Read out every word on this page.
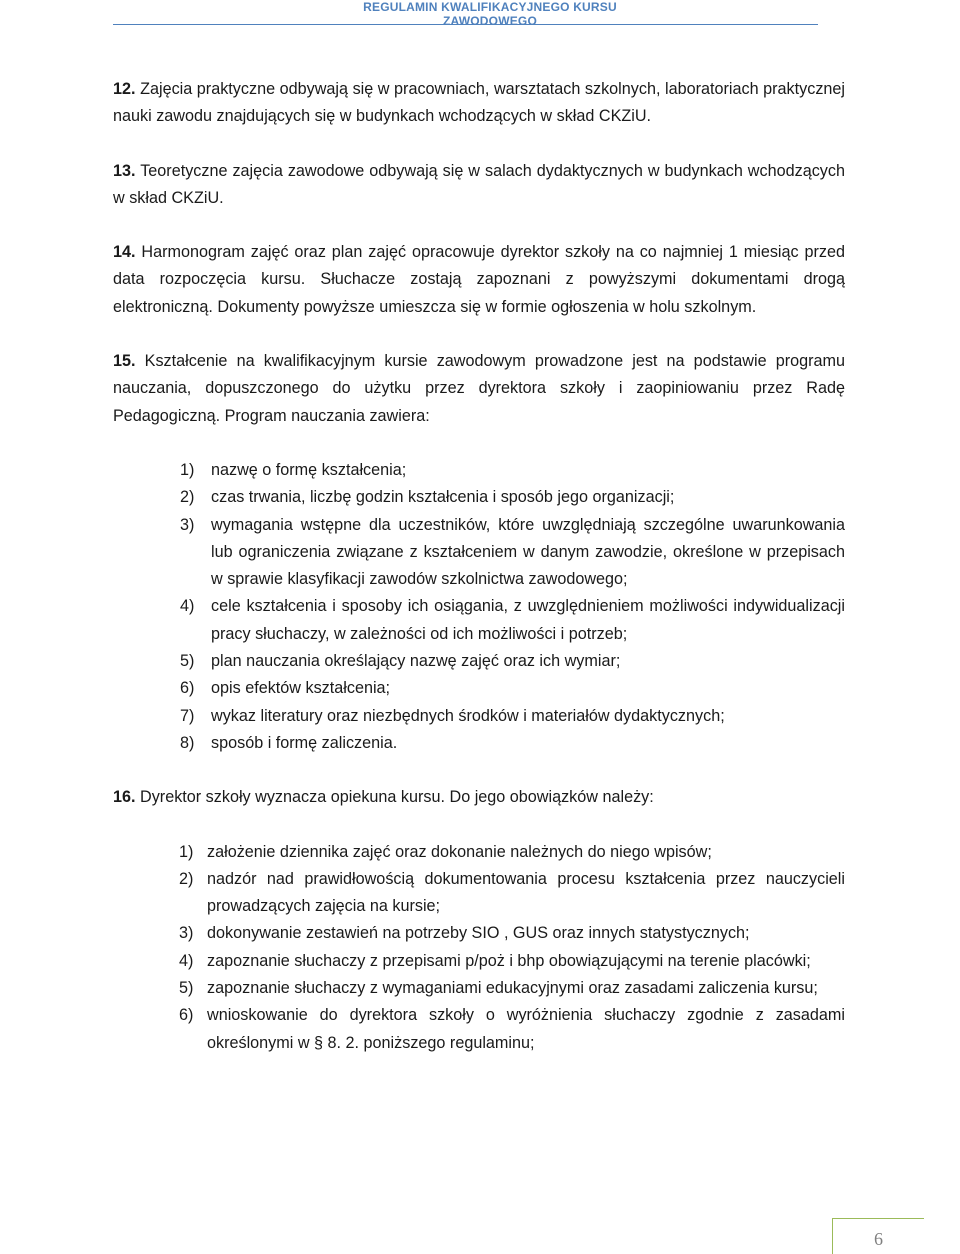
REGULAMIN KWALIFIKACYJNEGO KURSU ZAWODOWEGO

12. Zajęcia praktyczne odbywają się w pracowniach, warsztatach szkolnych, laboratoriach praktycznej nauki zawodu znajdujących się w budynkach wchodzących w skład CKZiU.

13. Teoretyczne zajęcia zawodowe odbywają się w salach dydaktycznych w budynkach wchodzących w skład CKZiU.

14. Harmonogram zajęć oraz plan zajęć opracowuje dyrektor szkoły na co najmniej 1 miesiąc przed data rozpoczęcia kursu. Słuchacze zostają zapoznani z powyższymi dokumentami drogą elektroniczną. Dokumenty powyższe umieszcza się w formie ogłoszenia w holu szkolnym.

15. Kształcenie na kwalifikacyjnym kursie zawodowym prowadzone jest na podstawie programu nauczania, dopuszczonego do użytku przez dyrektora szkoły i zaopiniowaniu przez Radę Pedagogiczną. Program nauczania zawiera:

1) nazwę o formę kształcenia;
2) czas trwania, liczbę godzin kształcenia i sposób jego organizacji;
3) wymagania wstępne dla uczestników, które uwzględniają szczególne uwarunkowania lub ograniczenia związane z kształceniem w danym zawodzie, określone w przepisach w sprawie klasyfikacji zawodów szkolnictwa zawodowego;
4) cele kształcenia i sposoby ich osiągania, z uwzględnieniem możliwości indywidualizacji pracy słuchaczy, w zależności od ich możliwości i potrzeb;
5) plan nauczania określający nazwę zajęć oraz ich wymiar;
6) opis efektów kształcenia;
7) wykaz literatury oraz niezbędnych środków i materiałów dydaktycznych;
8) sposób i formę zaliczenia.

16. Dyrektor szkoły wyznacza opiekuna kursu. Do jego obowiązków należy:

1) założenie dziennika zajęć oraz dokonanie należnych do niego wpisów;
2) nadzór nad prawidłowością dokumentowania procesu kształcenia przez nauczycieli prowadzących zajęcia na kursie;
3) dokonywanie zestawień na potrzeby SIO , GUS oraz innych statystycznych;
4) zapoznanie słuchaczy z przepisami p/poż i bhp obowiązującymi na terenie placówki;
5) zapoznanie słuchaczy z wymaganiami edukacyjnymi oraz zasadami zaliczenia kursu;
6) wnioskowanie do dyrektora szkoły o wyróżnienia słuchaczy zgodnie z zasadami określonymi w § 8. 2. poniższego regulaminu;
6
